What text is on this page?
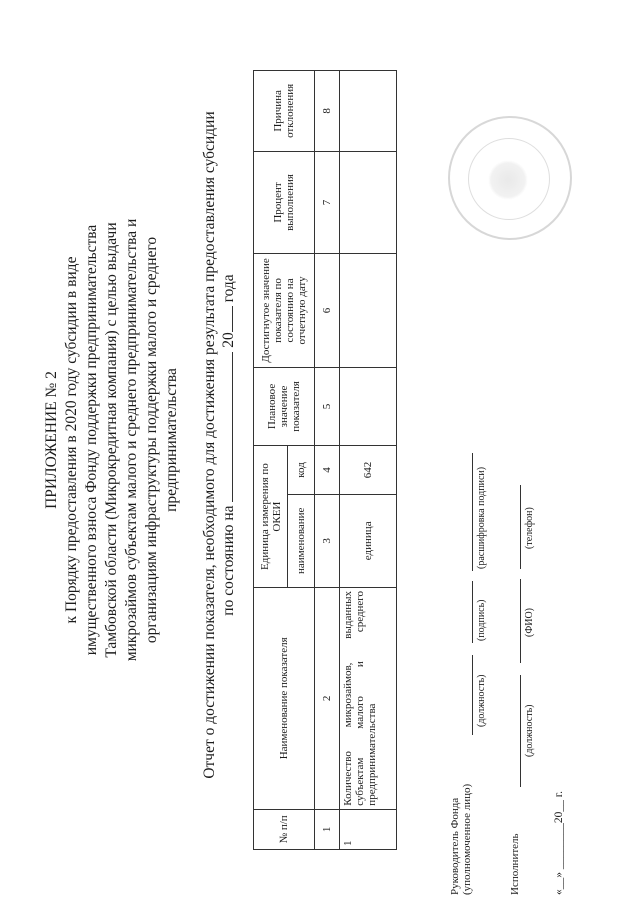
ПРИЛОЖЕНИЕ № 2 к Порядку предоставления в 2020 году субсидии в виде имущественного взноса Фонду поддержки предпринимательства Тамбовской области (Микрокредитная компания) с целью выдачи микрозаймов субъектам малого и среднего предпринимательства и организациям инфраструктуры поддержки малого и среднего предпринимательства Отчет о достижении показателя, необходимого для достижения результата предоставления субсидии по состоянию на  20 года
№ п/п	Наименование показателя	Единица измерения по ОКЕИ		Плановое значение показателя	Достигнутое значение показателя по состоянию на отчетную дату	Процент выполнения	Причина отклонения
		наименование	код				
1	2	3	4	5	6	7	8
1	Количество микрозаймов, выданных субъектам малого и среднего предпринимательства	единица	642				
Руководитель Фонда (уполномоченное лицо)
(должность)
(подпись)
(расшифровка подписи)
Исполнитель
(должность)
(ФИО)
(телефон)
«__» ________20__ г.
